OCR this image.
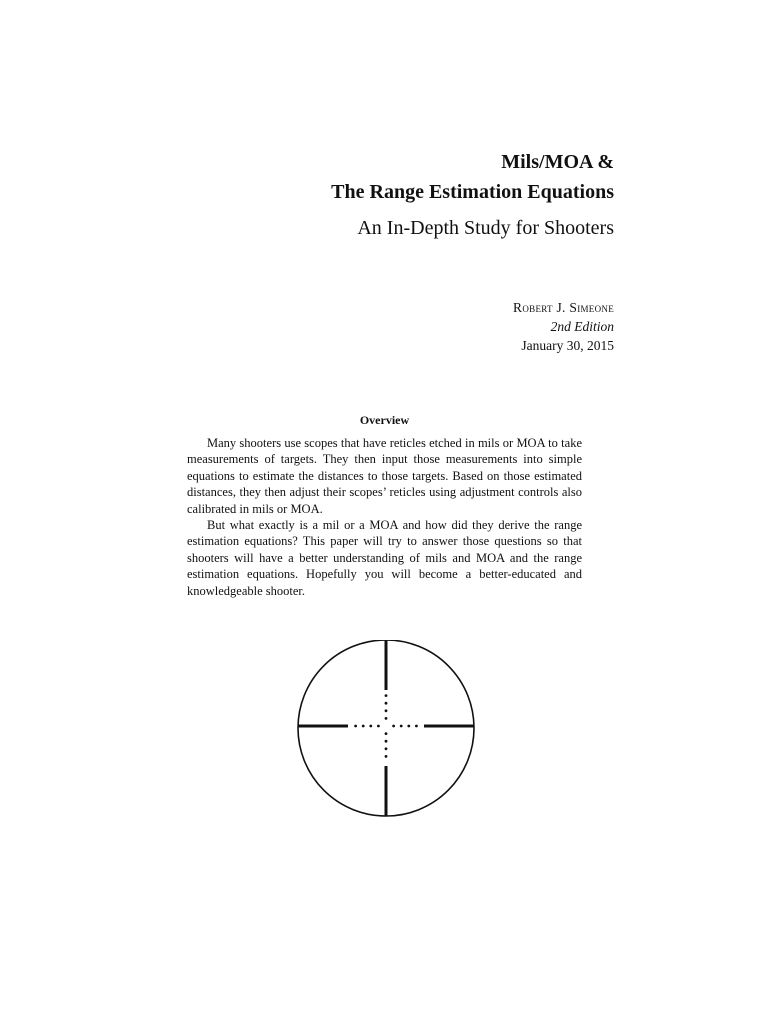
Mils/MOA &
The Range Estimation Equations
An In-Depth Study for Shooters
Robert J. Simeone
2nd Edition
January 30, 2015
Overview

Many shooters use scopes that have reticles etched in mils or MOA to take measurements of targets. They then input those measurements into simple equations to estimate the distances to those targets. Based on those estimated distances, they then adjust their scopes’ reticles using adjustment controls also calibrated in mils or MOA.

But what exactly is a mil or a MOA and how did they derive the range estimation equations? This paper will try to answer those questions so that shooters will have a better understanding of mils and MOA and the range estimation equations. Hopefully you will become a better-educated and knowledgeable shooter.
